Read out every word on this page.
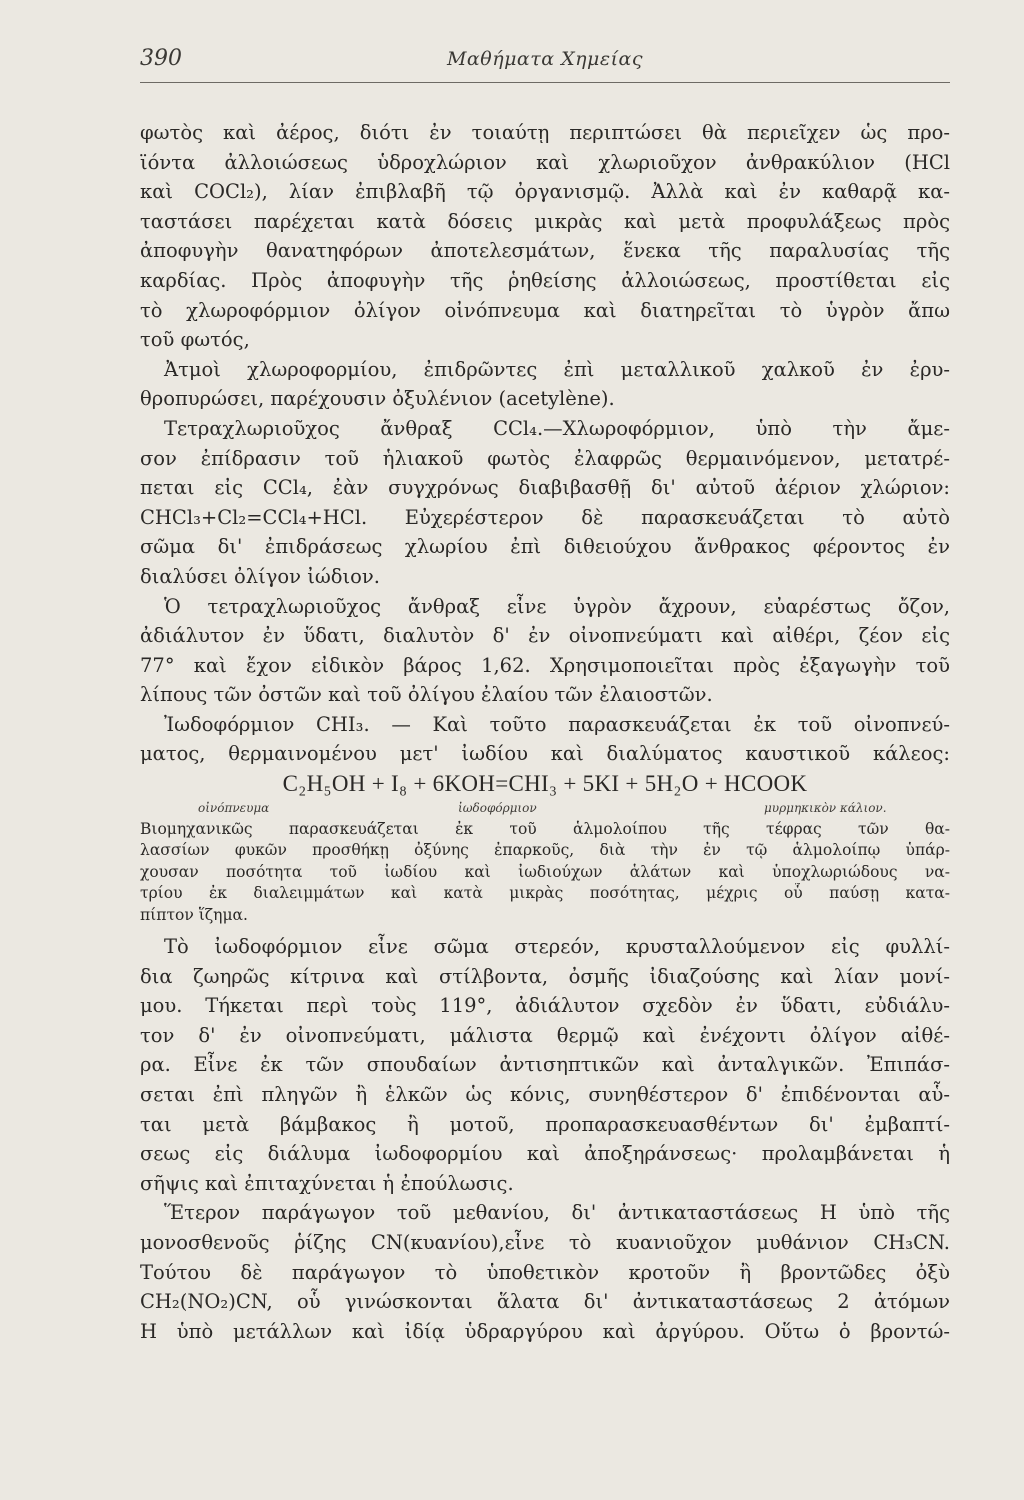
390	Μαθήματα Χημείας
φωτὸς καὶ ἀέρος, διότι ἐν τοιαύτῃ περιπτώσει θὰ περιεῖχεν ὡς προ-
ϊόντα ἀλλοιώσεως ὑδροχλώριον καὶ χλωριοῦχον ἀνθρακύλιον (HCl
καὶ COCl₂), λίαν ἐπιβλαβῆ τῷ ὀργανισμῷ. Ἀλλὰ καὶ ἐν καθαρᾷ κα-
ταστάσει παρέχεται κατὰ δόσεις μικρὰς καὶ μετὰ προφυλάξεως πρὸς
ἀποφυγὴν θανατηφόρων ἀποτελεσμάτων, ἕνεκα τῆς παραλυσίας τῆς
καρδίας. Πρὸς ἀποφυγὴν τῆς ῥηθείσης ἀλλοιώσεως, προστίθεται εἰς
τὸ χλωροφόρμιον ὀλίγον οἰνόπνευμα καὶ διατηρεῖται τὸ ὑγρὸν ἄπω
τοῦ φωτός,
Ἀτμοὶ χλωροφορμίου, ἐπιδρῶντες ἐπὶ μεταλλικοῦ χαλκοῦ ἐν ἐρυ-
θροπυρώσει, παρέχουσιν ὀξυλένιον (acetylène).
Τετραχλωριοῦχος ἄνθραξ CCl₄.—Χλωροφόρμιον, ὑπὸ τὴν ἄμε-
σον ἐπίδρασιν τοῦ ἡλιακοῦ φωτὸς ἐλαφρῶς θερμαινόμενον, μετατρέ-
πεται εἰς CCl₄, ἐὰν συγχρόνως διαβιβασθῇ δι' αὐτοῦ ἀέριον χλώριον:
CHCl₃+Cl₂=CCl₄+HCl. Εὐχερέστερον δὲ παρασκευάζεται τὸ αὐτὸ
σῶμα δι' ἐπιδράσεως χλωρίου ἐπὶ διθειούχου ἄνθρακος φέροντος ἐν
διαλύσει ὀλίγον ἰώδιον.
Ὁ τετραχλωριοῦχος ἄνθραξ εἶνε ὑγρὸν ἄχρουν, εὐαρέστως ὄζον,
ἀδιάλυτον ἐν ὕδατι, διαλυτὸν δ' ἐν οἰνοπνεύματι καὶ αἰθέρι, ζέον εἰς
77° καὶ ἔχον εἰδικὸν βάρος 1,62. Χρησιμοποιεῖται πρὸς ἐξαγωγὴν τοῦ
λίπους τῶν ὀστῶν καὶ τοῦ ὀλίγου ἐλαίου τῶν ἐλαιοστῶν.
Ἰωδοφόρμιον CHI₃. — Καὶ τοῦτο παρασκευάζεται ἐκ τοῦ οἰνοπνεύ-
ματος, θερμαινομένου μετ' ἰωδίου καὶ διαλύματος καυστικοῦ κάλεος:
C₂H₅OH + I₈ + 6KOH=CHI₃ + 5KI + 5H₂O + HCOOK
οἰνόπνευμα	ἰωδοφόρμιον	μυρμηκικὸν κάλιον.
Βιομηχανικῶς παρασκευάζεται ἐκ τοῦ ἁλμολοίπου τῆς τέφρας τῶν θα-
λασσίων φυκῶν προσθήκῃ ὀξύνης ἐπαρκοῦς, διὰ τὴν ἐν τῷ ἁλμολοίπῳ ὑπάρ-
χουσαν ποσότητα τοῦ ἰωδίου καὶ ἰωδιούχων ἁλάτων καὶ ὑποχλωριώδους να-
τρίου ἐκ διαλειμμάτων καὶ κατὰ μικρὰς ποσότητας, μέχρις οὗ παύσῃ κατα-
πίπτον ἵζημα.
Τὸ ἰωδοφόρμιον εἶνε σῶμα στερεόν, κρυσταλλούμενον εἰς φυλλί-
δια ζωηρῶς κίτρινα καὶ στίλβοντα, ὀσμῆς ἰδιαζούσης καὶ λίαν μονί-
μου. Τήκεται περὶ τοὺς 119°, ἀδιάλυτον σχεδὸν ἐν ὕδατι, εὐδιάλυ-
τον δ' ἐν οἰνοπνεύματι, μάλιστα θερμῷ καὶ ἐνέχοντι ὀλίγον αἰθέ-
ρα. Εἶνε ἐκ τῶν σπουδαίων ἀντισηπτικῶν καὶ ἀνταλγικῶν. Ἐπιπάσ-
σεται ἐπὶ πληγῶν ἢ ἑλκῶν ὡς κόνις, συνηθέστερον δ' ἐπιδένονται αὗ-
ται μετὰ βάμβακος ἢ μοτοῦ, προπαρασκευασθέντων δι' ἐμβαπτί-
σεως εἰς διάλυμα ἰωδοφορμίου καὶ ἀποξηράνσεως· προλαμβάνεται ἡ
σῆψις καὶ ἐπιταχύνεται ἡ ἐπούλωσις.
Ἕτερον παράγωγον τοῦ μεθανίου, δι' ἀντικαταστάσεως H ὑπὸ τῆς
μονοσθενοῦς ῥίζης CN(κυανίου),εἶνε τὸ κυανιοῦχον μυθάνιον CH₃CN.
Τούτου δὲ παράγωγον τὸ ὑποθετικὸν κροτοῦν ἢ βροντῶδες ὀξὺ
CH₂(NO₂)CN, οὗ γινώσκονται ἅλατα δι' ἀντικαταστάσεως 2 ἀτόμων
H ὑπὸ μετάλλων καὶ ἰδίᾳ ὑδραργύρου καὶ ἀργύρου. Οὕτω ὁ βροντώ-
